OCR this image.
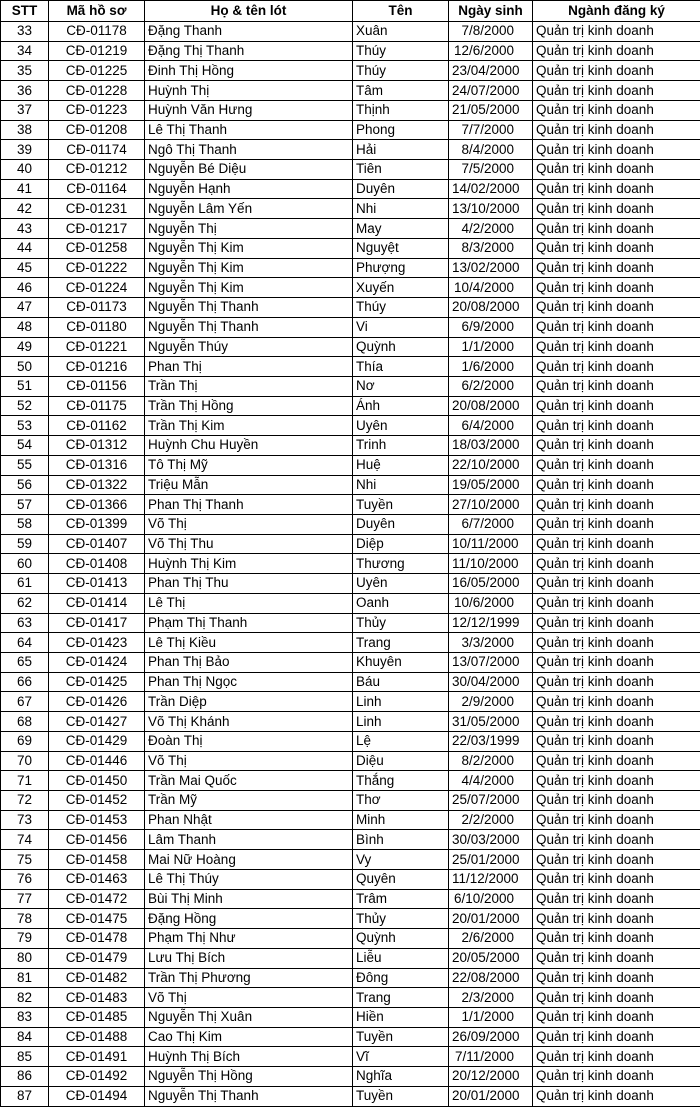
STT	Mã hồ sơ	Họ & tên lót	Tên	Ngày sinh	Ngành đăng ký
33	CĐ-01178	Đặng Thanh	Xuân	7/8/2000	Quản trị kinh doanh
34	CĐ-01219	Đặng Thị Thanh	Thúy	12/6/2000	Quản trị kinh doanh
35	CĐ-01225	Đinh Thị Hồng	Thúy	23/04/2000	Quản trị kinh doanh
36	CĐ-01228	Huỳnh Thị	Tâm	24/07/2000	Quản trị kinh doanh
37	CĐ-01223	Huỳnh Văn Hưng	Thịnh	21/05/2000	Quản trị kinh doanh
38	CĐ-01208	Lê Thị Thanh	Phong	7/7/2000	Quản trị kinh doanh
39	CĐ-01174	Ngô Thị Thanh	Hải	8/4/2000	Quản trị kinh doanh
40	CĐ-01212	Nguyễn Bé Diệu	Tiên	7/5/2000	Quản trị kinh doanh
41	CĐ-01164	Nguyễn Hạnh	Duyên	14/02/2000	Quản trị kinh doanh
42	CĐ-01231	Nguyễn Lâm Yến	Nhi	13/10/2000	Quản trị kinh doanh
43	CĐ-01217	Nguyễn Thị	May	4/2/2000	Quản trị kinh doanh
44	CĐ-01258	Nguyễn Thị Kim	Nguyệt	8/3/2000	Quản trị kinh doanh
45	CĐ-01222	Nguyễn Thị Kim	Phượng	13/02/2000	Quản trị kinh doanh
46	CĐ-01224	Nguyễn Thị Kim	Xuyến	10/4/2000	Quản trị kinh doanh
47	CĐ-01173	Nguyễn Thị Thanh	Thúy	20/08/2000	Quản trị kinh doanh
48	CĐ-01180	Nguyễn Thị Thanh	Vi	6/9/2000	Quản trị kinh doanh
49	CĐ-01221	Nguyễn Thúy	Quỳnh	1/1/2000	Quản trị kinh doanh
50	CĐ-01216	Phan Thị	Thía	1/6/2000	Quản trị kinh doanh
51	CĐ-01156	Trần Thị	Nơ	6/2/2000	Quản trị kinh doanh
52	CĐ-01175	Trần Thị Hồng	Ánh	20/08/2000	Quản trị kinh doanh
53	CĐ-01162	Trần Thị Kim	Uyên	6/4/2000	Quản trị kinh doanh
54	CĐ-01312	Huỳnh Chu Huyền	Trinh	18/03/2000	Quản trị kinh doanh
55	CĐ-01316	Tô Thị Mỹ	Huệ	22/10/2000	Quản trị kinh doanh
56	CĐ-01322	Triệu Mẫn	Nhi	19/05/2000	Quản trị kinh doanh
57	CĐ-01366	Phan Thị Thanh	Tuyền	27/10/2000	Quản trị kinh doanh
58	CĐ-01399	Võ Thị	Duyên	6/7/2000	Quản trị kinh doanh
59	CĐ-01407	Võ Thị Thu	Diệp	10/11/2000	Quản trị kinh doanh
60	CĐ-01408	Huỳnh Thị Kim	Thương	11/10/2000	Quản trị kinh doanh
61	CĐ-01413	Phan Thị Thu	Uyên	16/05/2000	Quản trị kinh doanh
62	CĐ-01414	Lê Thị	Oanh	10/6/2000	Quản trị kinh doanh
63	CĐ-01417	Phạm Thị Thanh	Thủy	12/12/1999	Quản trị kinh doanh
64	CĐ-01423	Lê Thị Kiều	Trang	3/3/2000	Quản trị kinh doanh
65	CĐ-01424	Phan Thị Bảo	Khuyên	13/07/2000	Quản trị kinh doanh
66	CĐ-01425	Phan Thị Ngọc	Báu	30/04/2000	Quản trị kinh doanh
67	CĐ-01426	Trần Diệp	Linh	2/9/2000	Quản trị kinh doanh
68	CĐ-01427	Võ Thị Khánh	Linh	31/05/2000	Quản trị kinh doanh
69	CĐ-01429	Đoàn Thị	Lệ	22/03/1999	Quản trị kinh doanh
70	CĐ-01446	Võ Thị	Diệu	8/2/2000	Quản trị kinh doanh
71	CĐ-01450	Trần Mai Quốc	Thắng	4/4/2000	Quản trị kinh doanh
72	CĐ-01452	Trần Mỹ	Thơ	25/07/2000	Quản trị kinh doanh
73	CĐ-01453	Phan Nhật	Minh	2/2/2000	Quản trị kinh doanh
74	CĐ-01456	Lâm Thanh	Bình	30/03/2000	Quản trị kinh doanh
75	CĐ-01458	Mai Nữ Hoàng	Vy	25/01/2000	Quản trị kinh doanh
76	CĐ-01463	Lê Thị Thúy	Quyên	11/12/2000	Quản trị kinh doanh
77	CĐ-01472	Bùi Thị Minh	Trâm	6/10/2000	Quản trị kinh doanh
78	CĐ-01475	Đặng Hồng	Thủy	20/01/2000	Quản trị kinh doanh
79	CĐ-01478	Phạm Thị Như	Quỳnh	2/6/2000	Quản trị kinh doanh
80	CĐ-01479	Lưu Thị Bích	Liễu	20/05/2000	Quản trị kinh doanh
81	CĐ-01482	Trần Thị Phương	Đông	22/08/2000	Quản trị kinh doanh
82	CĐ-01483	Võ Thị	Trang	2/3/2000	Quản trị kinh doanh
83	CĐ-01485	Nguyễn Thị Xuân	Hiền	1/1/2000	Quản trị kinh doanh
84	CĐ-01488	Cao Thị Kim	Tuyền	26/09/2000	Quản trị kinh doanh
85	CĐ-01491	Huỳnh Thị Bích	Vĩ	7/11/2000	Quản trị kinh doanh
86	CĐ-01492	Nguyễn Thị Hồng	Nghĩa	20/12/2000	Quản trị kinh doanh
87	CĐ-01494	Nguyễn Thị Thanh	Tuyền	20/01/2000	Quản trị kinh doanh
